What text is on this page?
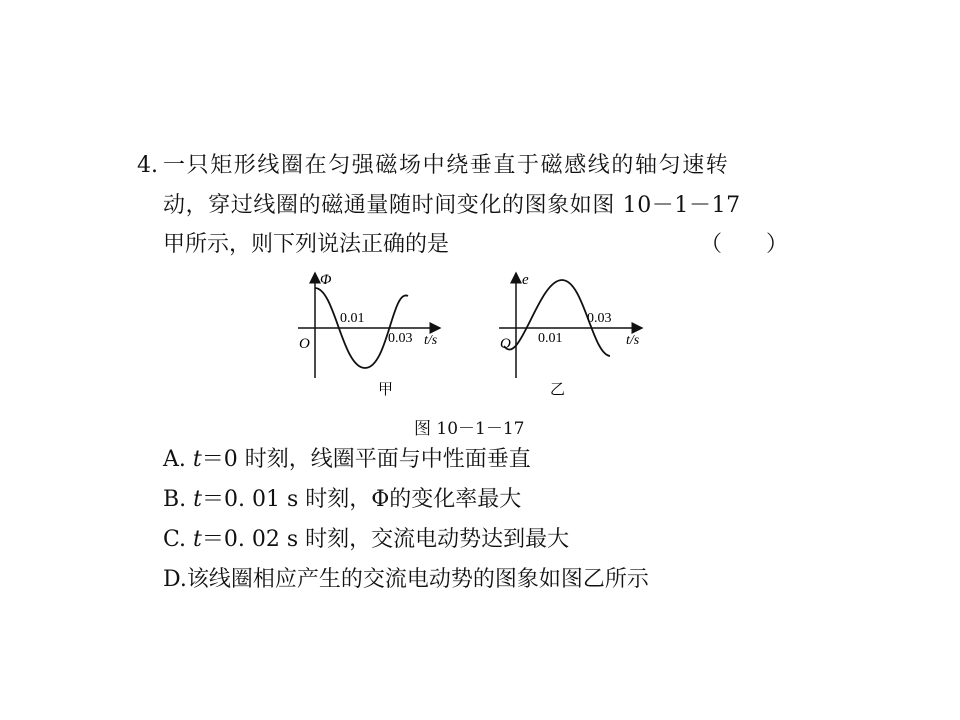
4. 一只矩形线圈在匀强磁场中绕垂直于磁感线的轴匀速转
动，穿过线圈的磁通量随时间变化的图象如图 10－1－17
甲所示，则下列说法正确的是	（　　）
Φ
O
0.01
0.03 t/s
甲
e
O 0.01
0.03
t/s
乙
图 10－1－17
A. t＝0 时刻，线圈平面与中性面垂直
B. t＝0. 01 s 时刻，Φ的变化率最大
C. t＝0. 02 s 时刻，交流电动势达到最大
D.该线圈相应产生的交流电动势的图象如图乙所示
